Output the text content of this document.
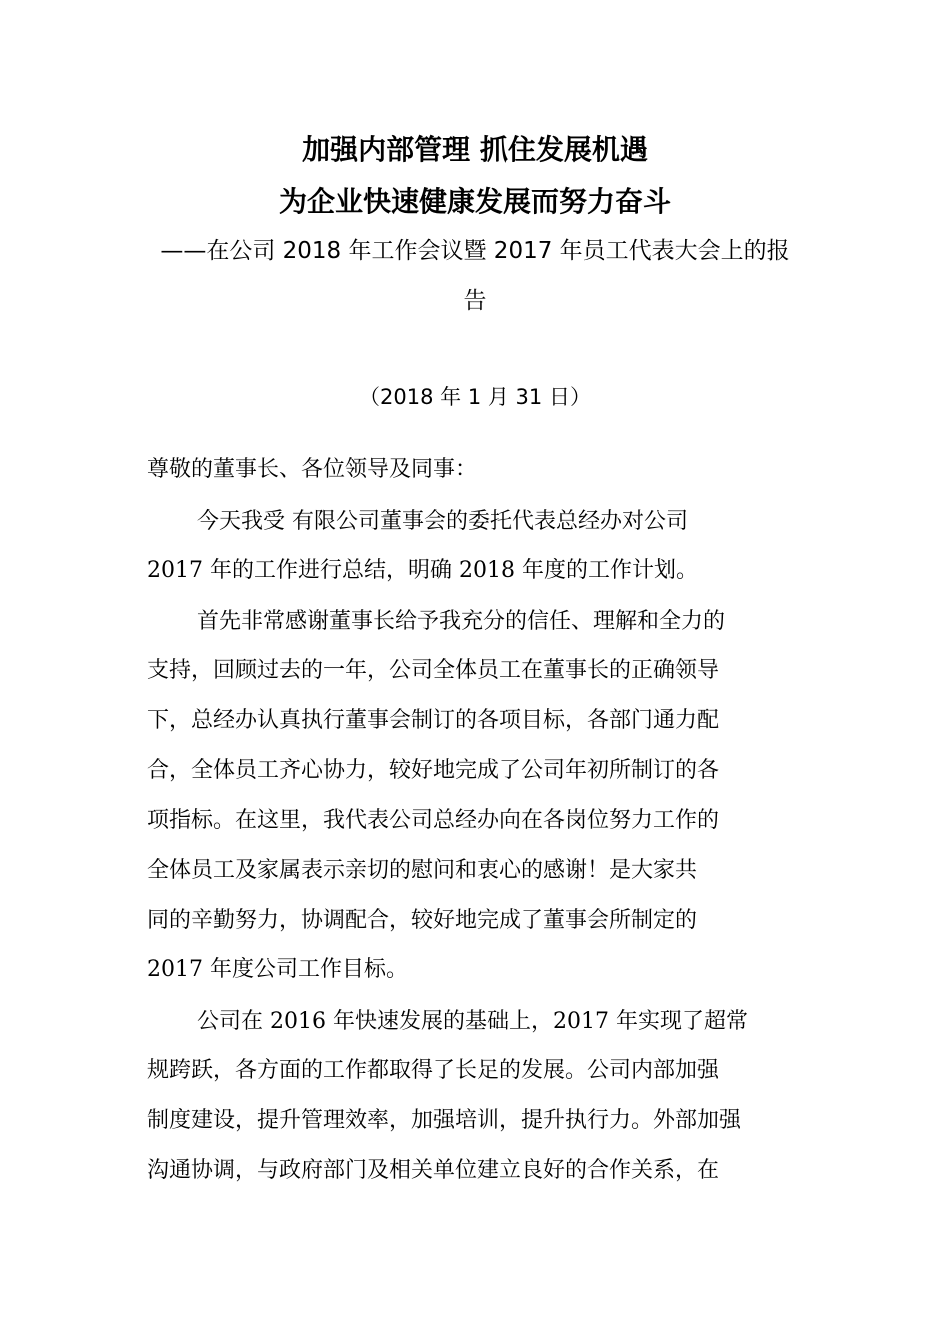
加强内部管理 抓住发展机遇
为企业快速健康发展而努力奋斗
——在公司 2018 年工作会议暨 2017 年员工代表大会上的报
告
（2018 年 1 月 31 日）
尊敬的董事长、各位领导及同事：
今天我受 有限公司董事会的委托代表总经办对公司
2017 年的工作进行总结，明确 2018 年度的工作计划。
首先非常感谢董事长给予我充分的信任、理解和全力的
支持，回顾过去的一年，公司全体员工在董事长的正确领导
下，总经办认真执行董事会制订的各项目标，各部门通力配
合，全体员工齐心协力，较好地完成了公司年初所制订的各
项指标。在这里，我代表公司总经办向在各岗位努力工作的
全体员工及家属表示亲切的慰问和衷心的感谢！是大家共
同的辛勤努力，协调配合，较好地完成了董事会所制定的
2017 年度公司工作目标。
公司在 2016 年快速发展的基础上，2017 年实现了超常
规跨跃，各方面的工作都取得了长足的发展。公司内部加强
制度建设，提升管理效率，加强培训，提升执行力。外部加强
沟通协调，与政府部门及相关单位建立良好的合作关系，在
